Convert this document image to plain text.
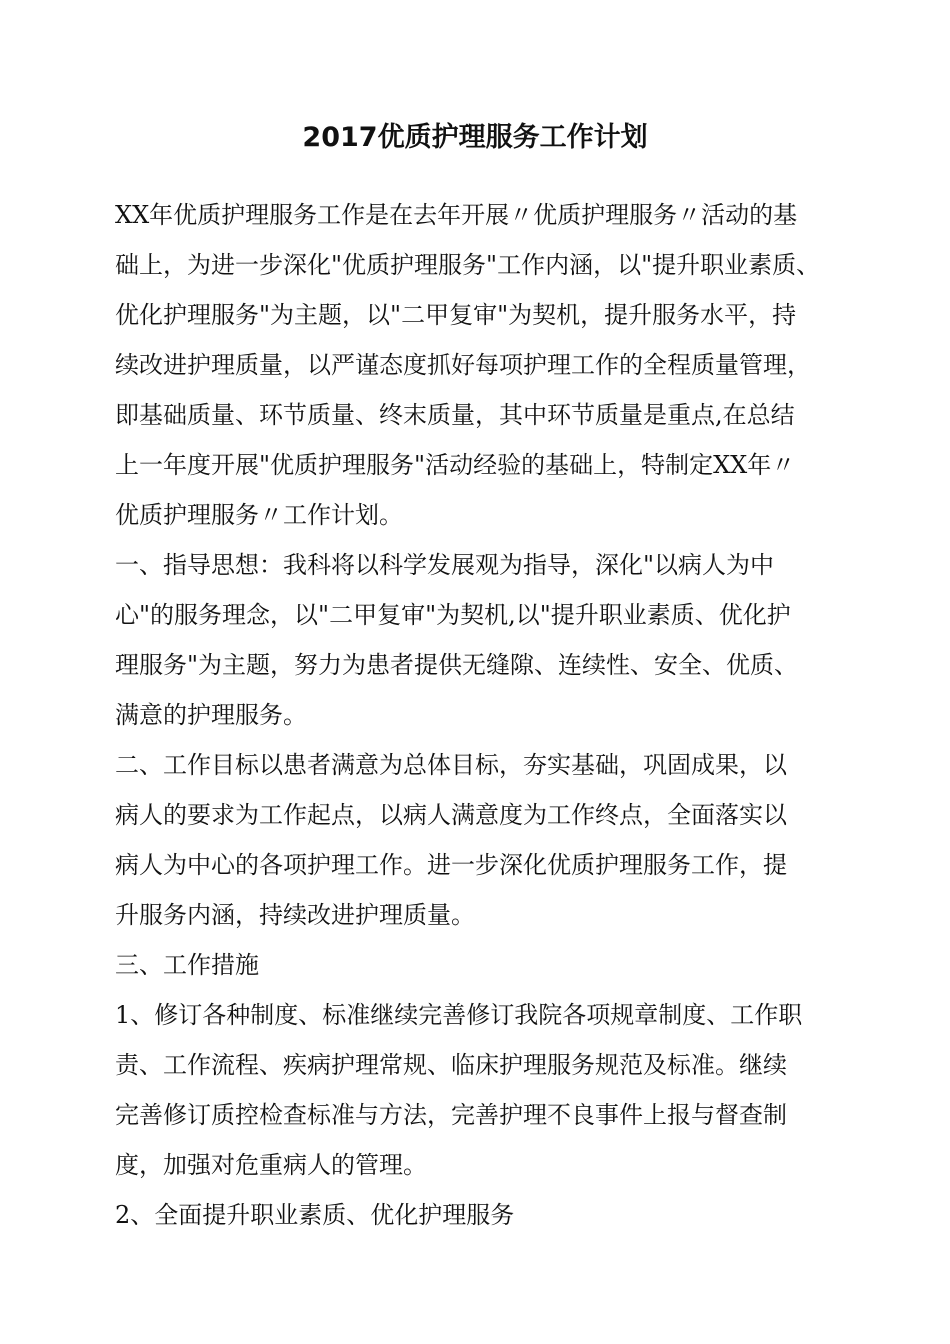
2017优质护理服务工作计划

XX年优质护理服务工作是在去年开展〃优质护理服务〃活动的基

础上，为进一步深化"优质护理服务"工作内涵，以"提升职业素质、

优化护理服务"为主题，以"二甲复审"为契机，提升服务水平，持

续改进护理质量，以严谨态度抓好每项护理工作的全程质量管理，

即基础质量、环节质量、终末质量，其中环节质量是重点,在总结

上一年度开展"优质护理服务"活动经验的基础上，特制定XX年〃

优质护理服务〃工作计划。

一、指导思想：我科将以科学发展观为指导，深化"以病人为中

心"的服务理念，以"二甲复审"为契机,以"提升职业素质、优化护

理服务"为主题，努力为患者提供无缝隙、连续性、安全、优质、

满意的护理服务。

二、工作目标以患者满意为总体目标，夯实基础，巩固成果，以

病人的要求为工作起点，以病人满意度为工作终点，全面落实以

病人为中心的各项护理工作。进一步深化优质护理服务工作，提

升服务内涵，持续改进护理质量。

三、工作措施

1、修订各种制度、标准继续完善修订我院各项规章制度、工作职

责、工作流程、疾病护理常规、临床护理服务规范及标准。继续

完善修订质控检查标准与方法，完善护理不良事件上报与督查制

度，加强对危重病人的管理。

2、全面提升职业素质、优化护理服务
